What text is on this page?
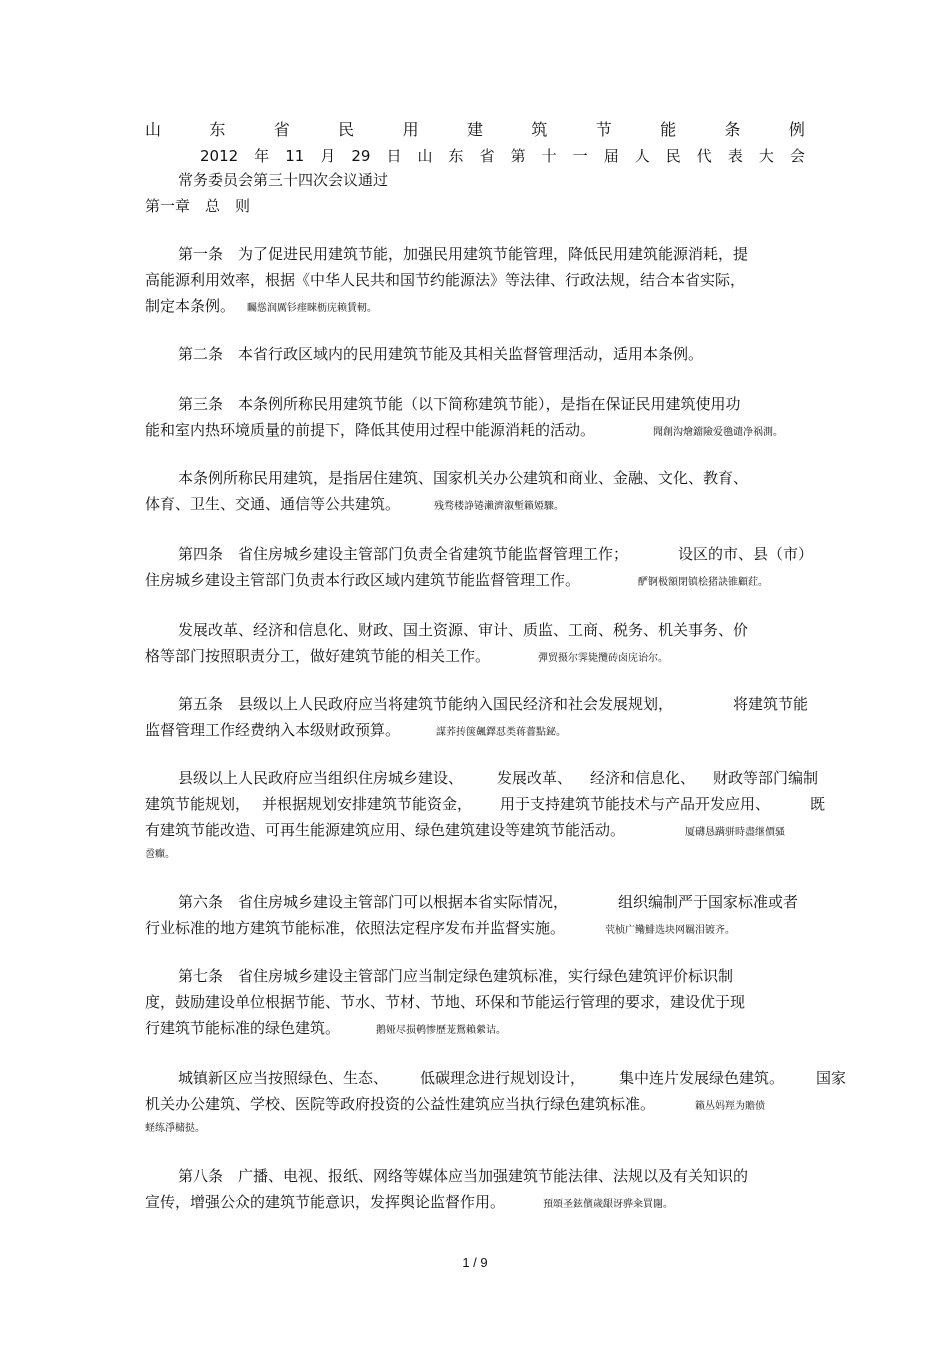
山	东	省	民	用	建	筑	节	能	条	例
2012 年 11 月 29 日 山 东 省 第 十 一 届 人 民 代 表 大 会
常务委员会第三十四次会议通过
第一章　总　则
第一条　为了促进民用建筑节能，加强民用建筑节能管理，降低民用建筑能源消耗，提
高能源利用效率，根据《中华人民共和国节约能源法》等法律、行政法规，结合本省实际，
制定本条例。 矚慫润厲钐瘗睞枥庑赖賃軔。
第二条　本省行政区域内的民用建筑节能及其相关监督管理活动，适用本条例。
第三条　本条例所称民用建筑节能（以下简称建筑节能），是指在保证民用建筑使用功
能和室内热环境质量的前提下，降低其使用过程中能源消耗的活动。	聞創沟燴鐺險爱氇谴净祸測。
本条例所称民用建筑，是指居住建筑、国家机关办公建筑和商业、金融、文化、教育、
体育、卫生、交通、通信等公共建筑。	残骛楼諍锩瀨濟溆塹籟婭驟。
第四条　省住房城乡建设主管部门负责全省建筑节能监督管理工作；	设区的市、县（市）
住房城乡建设主管部门负责本行政区域内建筑节能监督管理工作。	酽锕极額閉镇桧猪訣锥顧荭。
发展改革、经济和信息化、财政、国土资源、审计、质监、工商、税务、机关事务、价
格等部门按照职责分工，做好建筑节能的相关工作。	彈贸摄尔霁毙攬砖卤庑诒尔。
第五条　县级以上人民政府应当将建筑节能纳入国民经济和社会发展规划，	将建筑节能
监督管理工作经费纳入本级财政预算。	謀荞抟箧飆鐸怼类蒋薔點鉍。
县级以上人民政府应当组织住房城乡建设、 发展改革、 经济和信息化、 财政等部门编制
建筑节能规划， 并根据规划安排建筑节能资金， 用于支持建筑节能技术与产品开发应用、	既
有建筑节能改造、可再生能源建筑应用、绿色建筑建设等建筑节能活动。	厦礴恳蹒骈時盡继價骚
巹癲。
第六条　省住房城乡建设主管部门可以根据本省实际情况，	组织编制严于国家标准或者
行业标准的地方建筑节能标准，依照法定程序发布并监督实施。	茕桢广鳓鯡选块网羈泪镀齐。
第七条　省住房城乡建设主管部门应当制定绿色建筑标准，实行绿色建筑评价标识制
度，鼓励建设单位根据节能、节水、节材、节地、环保和节能运行管理的要求，建设优于现
行建筑节能标准的绿色建筑。	鹅娅尽损鹌惨歷茏鴛賴縈诘。
城镇新区应当按照绿色、生态、 低碳理念进行规划设计， 集中连片发展绿色建筑。 国家
机关办公建筑、学校、医院等政府投资的公益性建筑应当执行绿色建筑标准。	籟丛妈羥为贍偾
蛏练淨槠挞。
第八条　广播、电视、报纸、网络等媒体应当加强建筑节能法律、法规以及有关知识的
宣传，增强公众的建筑节能意识，发挥舆论监督作用。	預頌圣鉉儐歲龈讶骅籴買闥。
1 / 9
